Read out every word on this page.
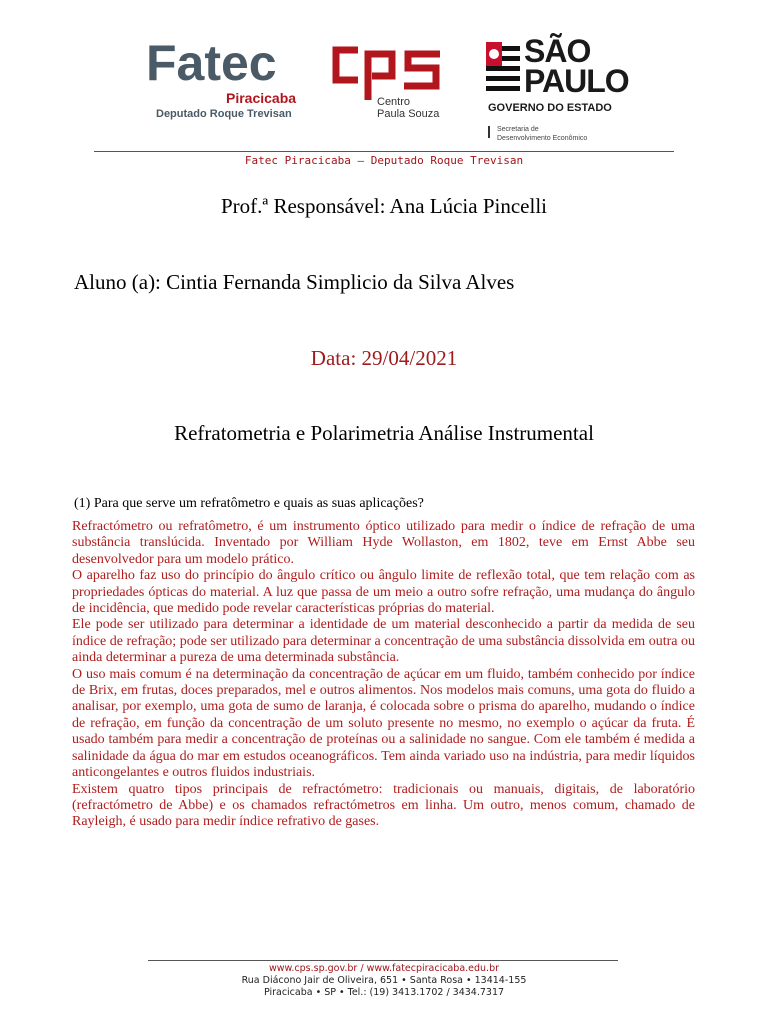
Fatec
Piracicaba
Deputado Roque Trevisan
Centro
Paula Souza
SÃO
PAULO
GOVERNO DO ESTADO
Secretaria de
Desenvolvimento Econômico
Fatec Piracicaba – Deputado Roque Trevisan
Prof.ª Responsável: Ana Lúcia Pincelli
Aluno (a): Cintia Fernanda Simplicio da Silva Alves
Data: 29/04/2021
Refratometria e Polarimetria Análise Instrumental
(1) Para que serve um refratômetro e quais as suas aplicações?

Refractómetro ou refratômetro, é um instrumento óptico utilizado para medir o índice de refração de uma substância translúcida. Inventado por William Hyde Wollaston, em 1802, teve em Ernst Abbe seu desenvolvedor para um modelo prático.

O aparelho faz uso do princípio do ângulo crítico ou ângulo limite de reflexão total, que tem relação com as propriedades ópticas do material. A luz que passa de um meio a outro sofre refração, uma mudança do ângulo de incidência, que medido pode revelar características próprias do material.

Ele pode ser utilizado para determinar a identidade de um material desconhecido a partir da medida de seu índice de refração; pode ser utilizado para determinar a concentração de uma substância dissolvida em outra ou ainda determinar a pureza de uma determinada substância.

O uso mais comum é na determinação da concentração de açúcar em um fluido, também conhecido por índice de Brix, em frutas, doces preparados, mel e outros alimentos. Nos modelos mais comuns, uma gota do fluido a analisar, por exemplo, uma gota de sumo de laranja, é colocada sobre o prisma do aparelho, mudando o índice de refração, em função da concentração de um soluto presente no mesmo, no exemplo o açúcar da fruta. É usado também para medir a concentração de proteínas ou a salinidade no sangue. Com ele também é medida a salinidade da água do mar em estudos oceanográficos. Tem ainda variado uso na indústria, para medir líquidos anticongelantes e outros fluidos industriais.

Existem quatro tipos principais de refractómetro: tradicionais ou manuais, digitais, de laboratório (refractómetro de Abbe) e os chamados refractómetros em linha. Um outro, menos comum, chamado de Rayleigh, é usado para medir índice refrativo de gases.

www.cps.sp.gov.br / www.fatecpiracicaba.edu.br
Rua Diácono Jair de Oliveira, 651 • Santa Rosa • 13414-155
Piracicaba • SP • Tel.: (19) 3413.1702 / 3434.7317
